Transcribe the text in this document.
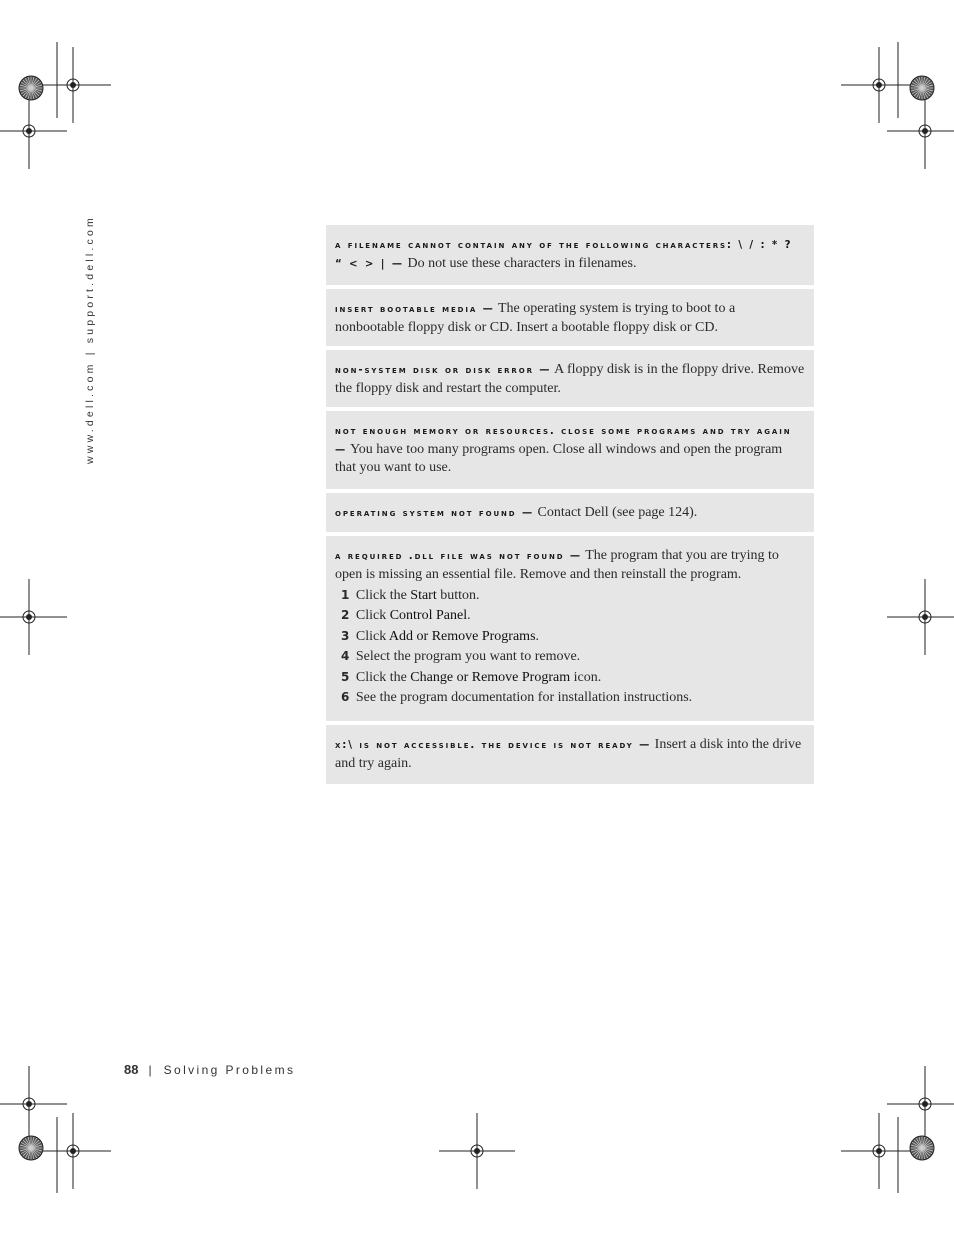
www.dell.com | support.dell.com	a filename cannot contain any of the following characters: \ / : * ? “ < > | — Do not use these characters in filenames.
insert bootable media — The operating system is trying to boot to a nonbootable floppy disk or CD. Insert a bootable floppy disk or CD.
non-system disk or disk error — A floppy disk is in the floppy drive. Remove the floppy disk and restart the computer.
not enough memory or resources. close some programs and try again — You have too many programs open. Close all windows and open the program that you want to use.
operating system not found — Contact Dell (see page 124).
a required .dll file was not found — The program that you are trying to open is missing an essential file. Remove and then reinstall the program.
1 Click the Start button.
2 Click Control Panel.
3 Click Add or Remove Programs.
4 Select the program you want to remove.
5 Click the Change or Remove Program icon.
6 See the program documentation for installation instructions.
x:\ is not accessible. the device is not ready — Insert a disk into the drive and try again.
88 | Solving Problems
